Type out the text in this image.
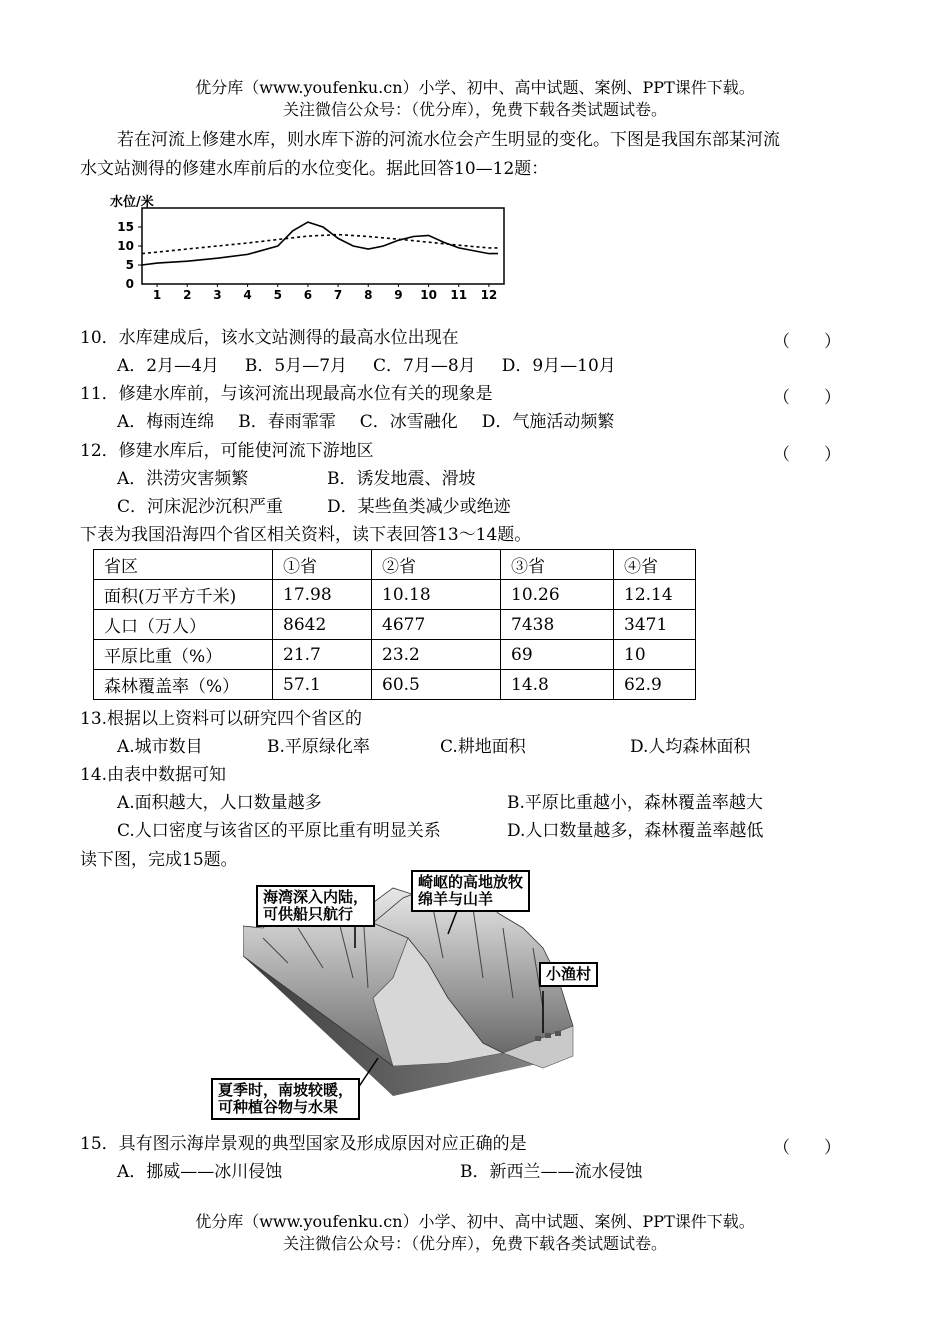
优分库（www.youfenku.cn）小学、初中、高中试题、案例、PPT课件下载。
关注微信公众号：（优分库），免费下载各类试题试卷。
若在河流上修建水库，则水库下游的河流水位会产生明显的变化。下图是我国东部某河流
水文站测得的修建水库前后的水位变化。据此回答10—12题：
水位/米
0
5
10
15
1 2 3 4 5 6 7 8 9 10 11 12
10．水库建成后，该水文站测得的最高水位出现在	（　　）
A．2月—4月 B．5月—7月 C．7月—8月 D．9月—10月
11．修建水库前，与该河流出现最高水位有关的现象是	（　　）
A．梅雨连绵 B．春雨霏霏 C．冰雪融化 D．气施活动频繁
12．修建水库后，可能使河流下游地区	（　　）
A．洪涝灾害频繁	B．诱发地震、滑坡
C．河床泥沙沉积严重	D．某些鱼类减少或绝迹
下表为我国沿海四个省区相关资料，读下表回答13～14题。
省区	①省	②省	③省	④省
面积(万平方千米)	17.98	10.18	10.26	12.14
人口（万人）	8642	4677	7438	3471
平原比重（%）	21.7	23.2	69	10
森林覆盖率（%）	57.1	60.5	14.8	62.9
13.根据以上资料可以研究四个省区的
A.城市数目	B.平原绿化率	C.耕地面积	D.人均森林面积
14.由表中数据可知
A.面积越大，人口数量越多	B.平原比重越小，森林覆盖率越大
C.人口密度与该省区的平原比重有明显关系	D.人口数量越多，森林覆盖率越低
读下图，完成15题。
海湾深入内陆，
可供船只航行
崎岖的高地放牧
绵羊与山羊
小渔村
夏季时，南坡较暖，
可种植谷物与水果
15．具有图示海岸景观的典型国家及形成原因对应正确的是	（　　）
A．挪威——冰川侵蚀	B．新西兰——流水侵蚀
优分库（www.youfenku.cn）小学、初中、高中试题、案例、PPT课件下载。
关注微信公众号：（优分库），免费下载各类试题试卷。
